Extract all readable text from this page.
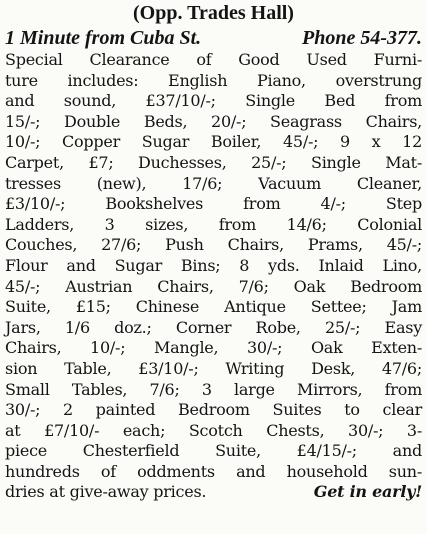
(Opp. Trades Hall)
1 Minute from Cuba St.	Phone 54-377.
Special Clearance of Good Used Furni-
ture includes: English Piano, overstrung
and sound, £37/10/-; Single Bed from
15/-; Double Beds, 20/-; Seagrass Chairs,
10/-; Copper Sugar Boiler, 45/-; 9 x 12
Carpet, £7; Duchesses, 25/-; Single Mat-
tresses (new), 17/6; Vacuum Cleaner,
£3/10/-; Bookshelves from 4/-; Step
Ladders, 3 sizes, from 14/6; Colonial
Couches, 27/6; Push Chairs, Prams, 45/-;
Flour and Sugar Bins; 8 yds. Inlaid Lino,
45/-; Austrian Chairs, 7/6; Oak Bedroom
Suite, £15; Chinese Antique Settee; Jam
Jars, 1/6 doz.; Corner Robe, 25/-; Easy
Chairs, 10/-; Mangle, 30/-; Oak Exten-
sion Table, £3/10/-; Writing Desk, 47/6;
Small Tables, 7/6; 3 large Mirrors, from
30/-; 2 painted Bedroom Suites to clear
at £7/10/- each; Scotch Chests, 30/-; 3-
piece Chesterfield Suite, £4/15/-; and
hundreds of oddments and household sun-
dries at give-away prices.	Get in early!
